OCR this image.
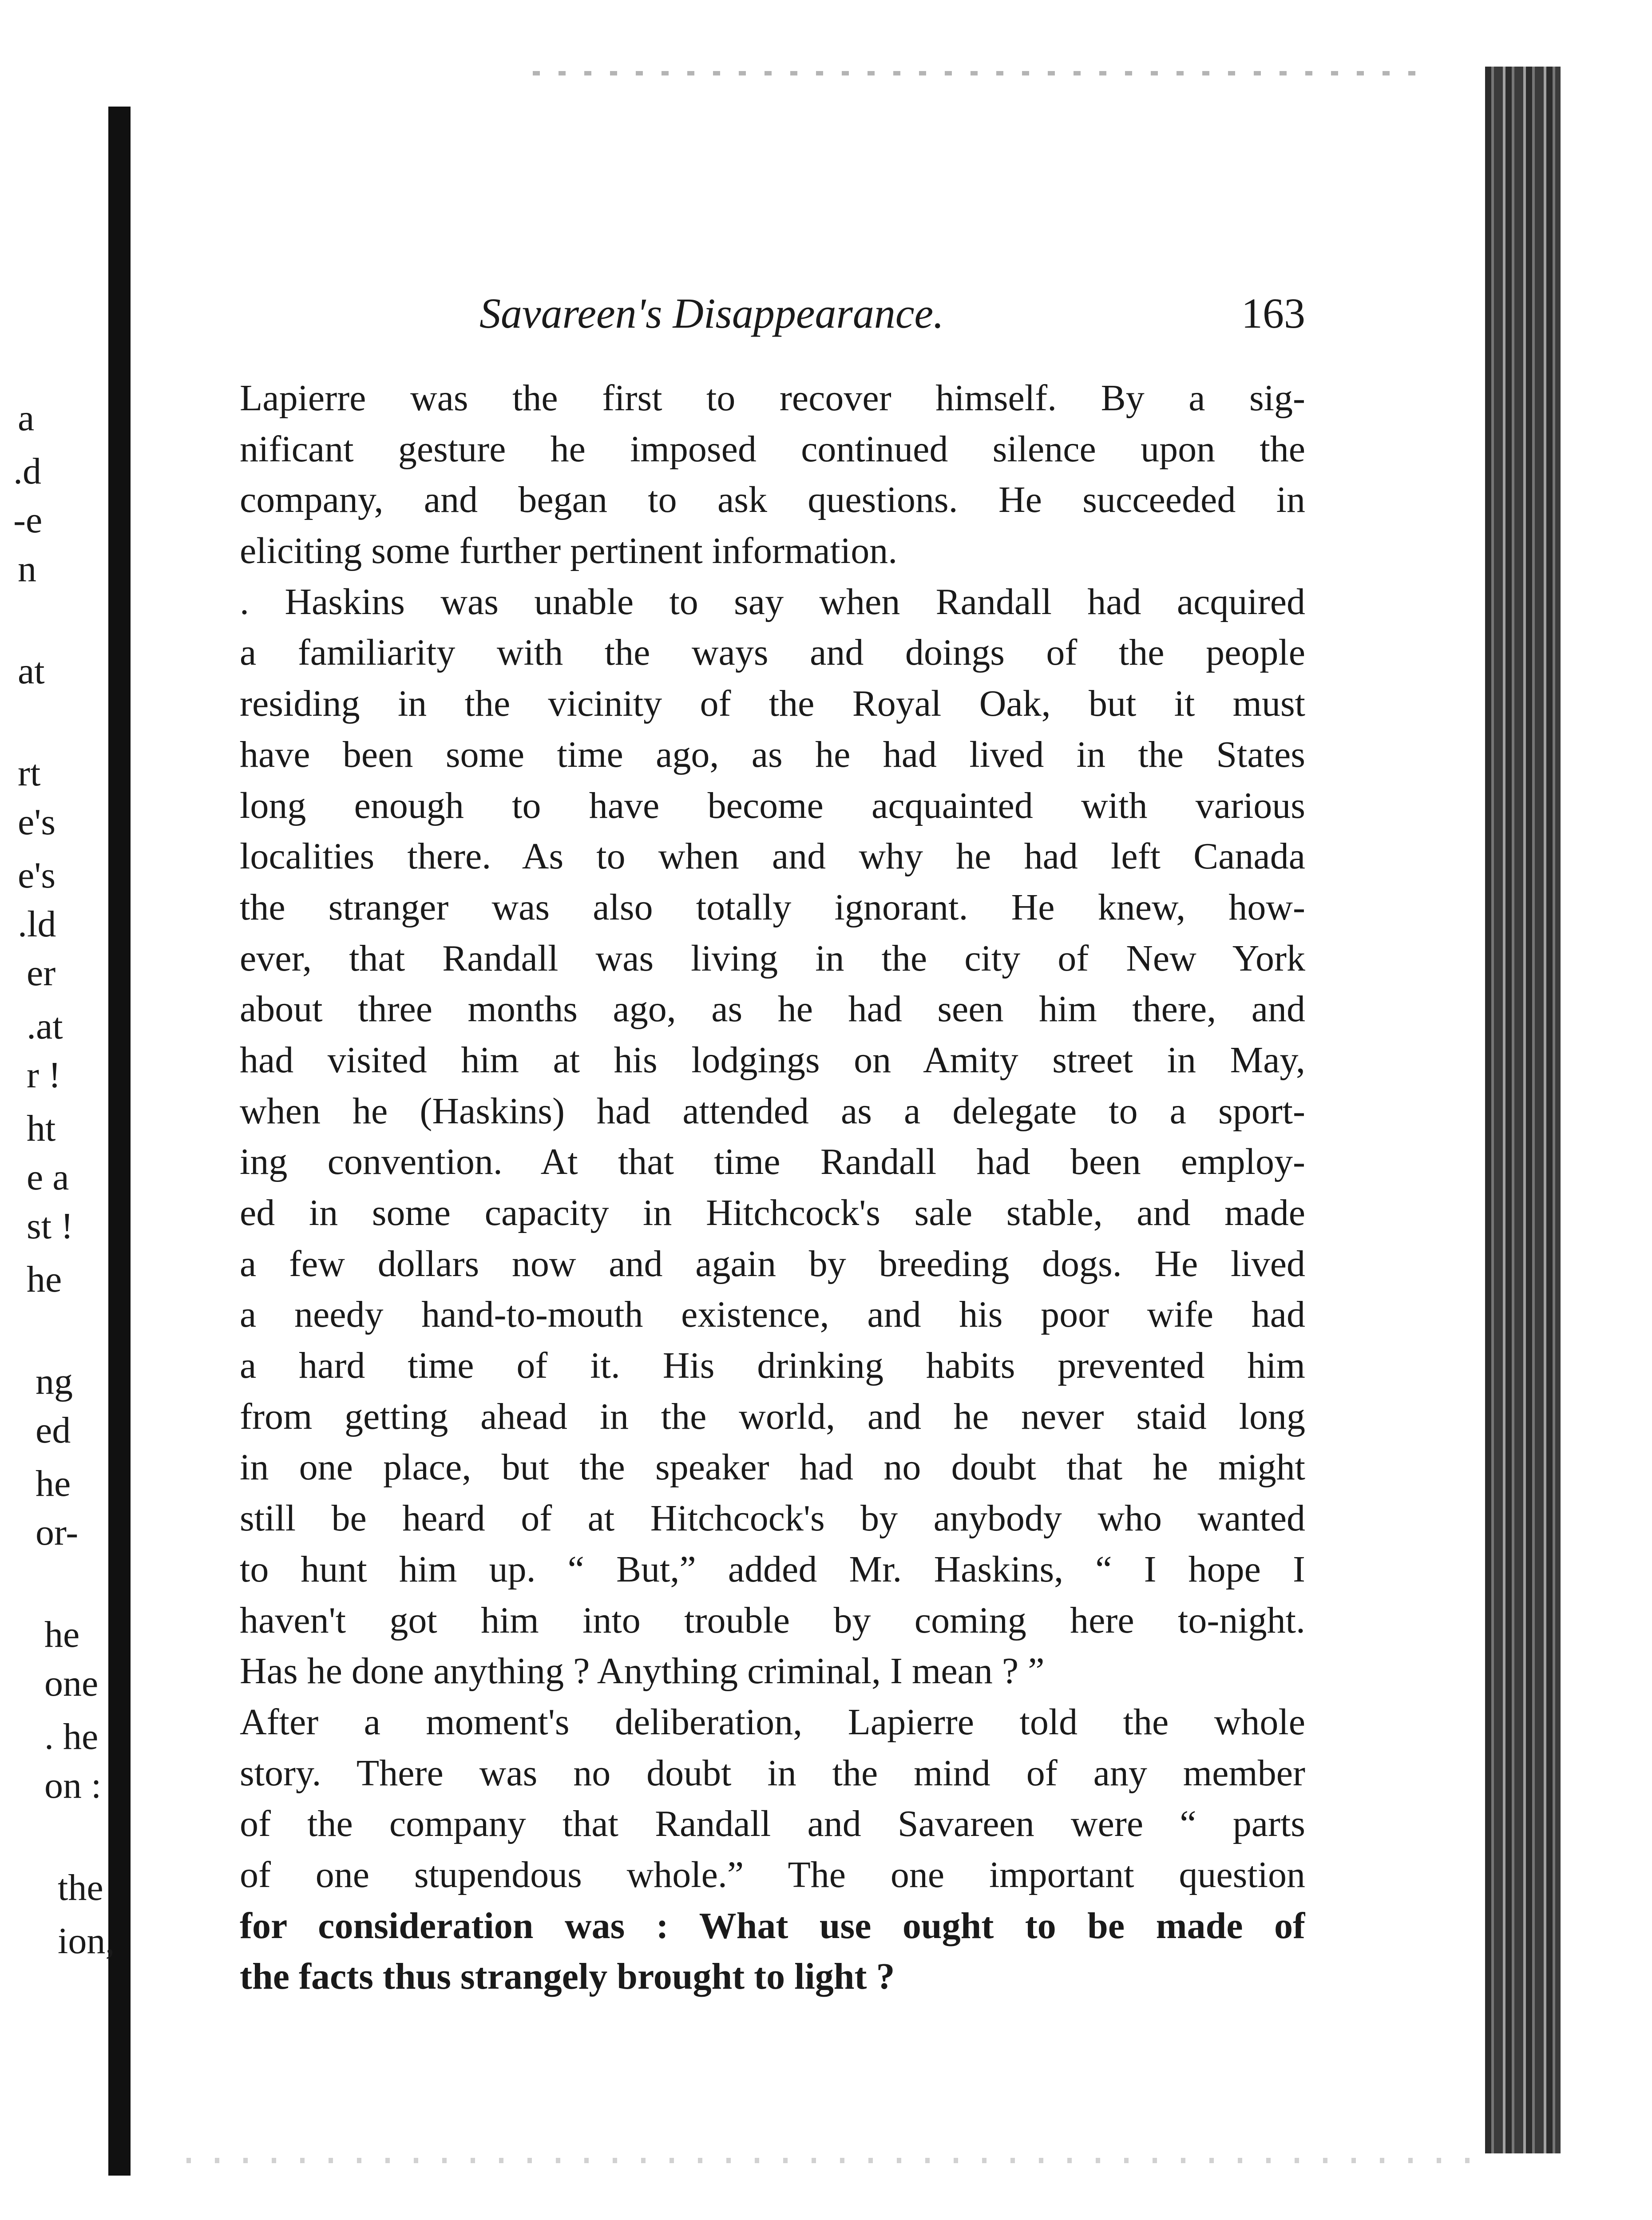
a
.d
-e
n
at
rt
e's
e's
.ld
er
.at
r !
ht
e a
st !
he
ng
ed
he
or-
he
one
. he
on :
the
ion,
Savareen's Disappearance.	163
Lapierre was the first to recover himself. By a sig-
nificant gesture he imposed continued silence upon the
company, and began to ask questions. He succeeded in
eliciting some further pertinent information.
. Haskins was unable to say when Randall had acquired
a familiarity with the ways and doings of the people
residing in the vicinity of the Royal Oak, but it must
have been some time ago, as he had lived in the States
long enough to have become acquainted with various
localities there. As to when and why he had left Canada
the stranger was also totally ignorant. He knew, how-
ever, that Randall was living in the city of New York
about three months ago, as he had seen him there, and
had visited him at his lodgings on Amity street in May,
when he (Haskins) had attended as a delegate to a sport-
ing convention. At that time Randall had been employ-
ed in some capacity in Hitchcock's sale stable, and made
a few dollars now and again by breeding dogs. He lived
a needy hand-to-mouth existence, and his poor wife had
a hard time of it. His drinking habits prevented him
from getting ahead in the world, and he never staid long
in one place, but the speaker had no doubt that he might
still be heard of at Hitchcock's by anybody who wanted
to hunt him up. “ But,” added Mr. Haskins, “ I hope I
haven't got him into trouble by coming here to-night.
Has he done anything ? Anything criminal, I mean ? ”
After a moment's deliberation, Lapierre told the whole
story. There was no doubt in the mind of any member
of the company that Randall and Savareen were “ parts
of one stupendous whole.” The one important question
for consideration was : What use ought to be made of
the facts thus strangely brought to light ?
